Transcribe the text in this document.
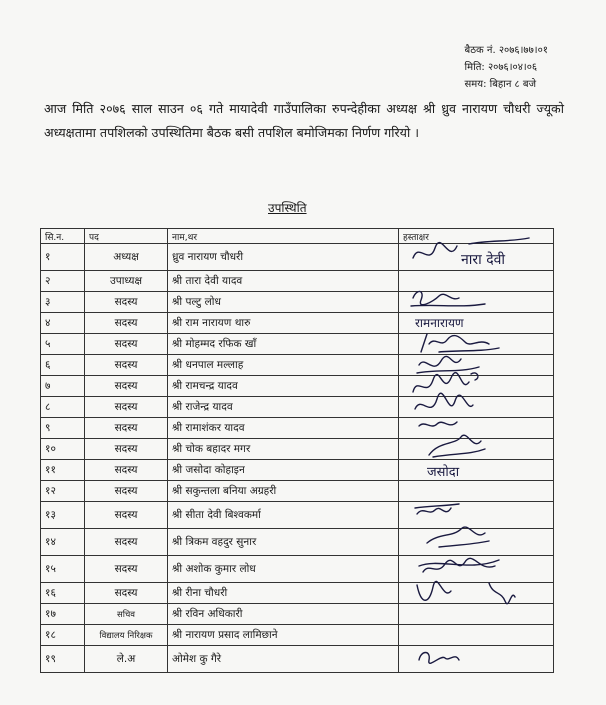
बैठक नं. २०७६।७७।०१
मिति: २०७६।०४।०६
समय: बिहान ८ बजे
आज मिति २०७६ साल साउन ०६ गते मायादेवी गाउँपालिका रुपन्देहीका अध्यक्ष श्री ध्रुव नारायण चौधरी ज्यूको अध्यक्षतामा तपशिलको उपस्थितिमा बैठक बसी तपशिल बमोजिमका निर्णण गरियो ।
उपस्थिति
सि.न.	पद	नाम,थर	हस्ताक्षर
१	अध्यक्ष	ध्रुव नारायण चौधरी	नारा देवी

२	उपाध्यक्ष	श्री तारा देवी यादव	
३	सदस्य	श्री पल्टु लोध	

४	सदस्य	श्री राम नारायण थारु	रामनारायण

५	सदस्य	श्री मोहम्मद रफिक खाँ	

६	सदस्य	श्री धनपाल मल्लाह	

७	सदस्य	श्री रामचन्द्र यादव	

८	सदस्य	श्री राजेन्द्र यादव	

९	सदस्य	श्री रामाशंकर यादव	

१०	सदस्य	श्री चोक बहादर मगर	

११	सदस्य	श्री जसोदा कोहाइन	जसोदा

१२	सदस्य	श्री सकुन्तला बनिया अग्रहरी	
१३	सदस्य	श्री सीता देवी बिश्वकर्मा	

१४	सदस्य	श्री त्रिकम वहदुर सुनार	

१५	सदस्य	श्री अशोक कुमार लोध	

१६	सदस्य	श्री रीना चौधरी	

१७	सचिव	श्री रविन अधिकारी	
१८	विद्यालय निरिक्षक	श्री नारायण प्रसाद लामिछाने	
१९	ले.अ	ओमेश कु गैरे	
